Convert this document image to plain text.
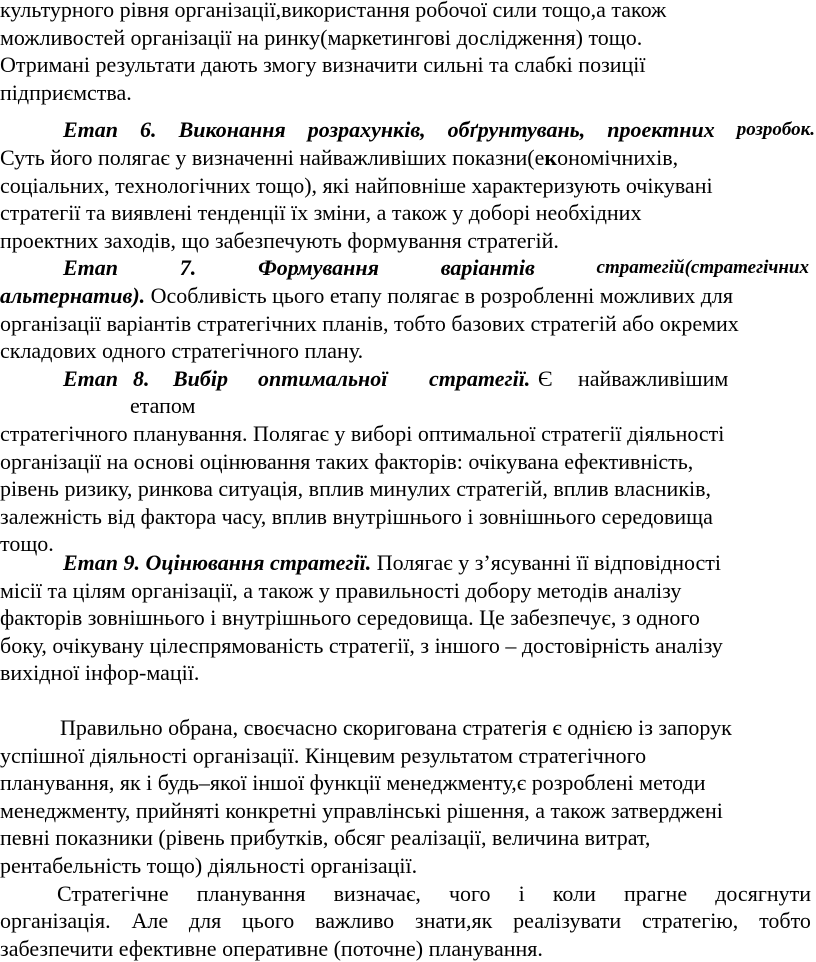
культурного рівня організації,використання робочої сили тощо,а також
можливостей організації на ринку(маркетингові дослідження) тощо.
Отримані результати дають змогу визначити сильні та слабкі позиції
підприємства.
Етап 6. Виконання розрахунків, обґрунтувань, проектних розробок.
Суть його полягає у визначенні найважливіших показни(економічнихів,
соціальних, технологічних тощо), які найповніше характеризують очікувані
стратегії та виявлені тенденції їх зміни, а також у доборі необхідних
проектних заходів, що забезпечують формування стратегій.
Етап	7.	Формування	варіантів	стратегій(стратегічних
альтернатив). Особливість цього етапу полягає в розробленні можливих для
організації варіантів стратегічних планів, тобто базових стратегій або окремих
складових одного стратегічного плану.
Етап 8. Вибір оптимальної стратегії. Є найважливішим
етапом
стратегічного планування. Полягає у виборі оптимальної стратегії діяльності
організації на основі оцінювання таких факторів: очікувана ефективність,
рівень ризику, ринкова ситуація, вплив минулих стратегій, вплив власників,
залежність від фактора часу, вплив внутрішнього і зовнішнього середовища
тощо.
Етап 9. Оцінювання стратегії. Полягає у з’ясуванні її відповідності
місії та цілям організації, а також у правильності добору методів аналізу
факторів зовнішнього і внутрішнього середовища. Це забезпечує, з одного
боку, очікувану цілеспрямованість стратегії, з іншого – достовірність аналізу
вихідної інфор-мації.
Правильно обрана, своєчасно скоригована стратегія є однією із запорук
успішної діяльності організації. Кінцевим результатом стратегічного
планування, як і будь–якої іншої функції менеджменту,є розроблені методи
менеджменту, прийняті конкретні управлінські рішення, а також затверджені
певні показники (рівень прибутків, обсяг реалізації, величина витрат,
рентабельність тощо) діяльності організації.
Стратегічне планування визначає, чого і коли прагне досягнути
організація. Але для цього важливо знати,як реалізувати стратегію, тобто
забезпечити ефективне оперативне (поточне) планування.
